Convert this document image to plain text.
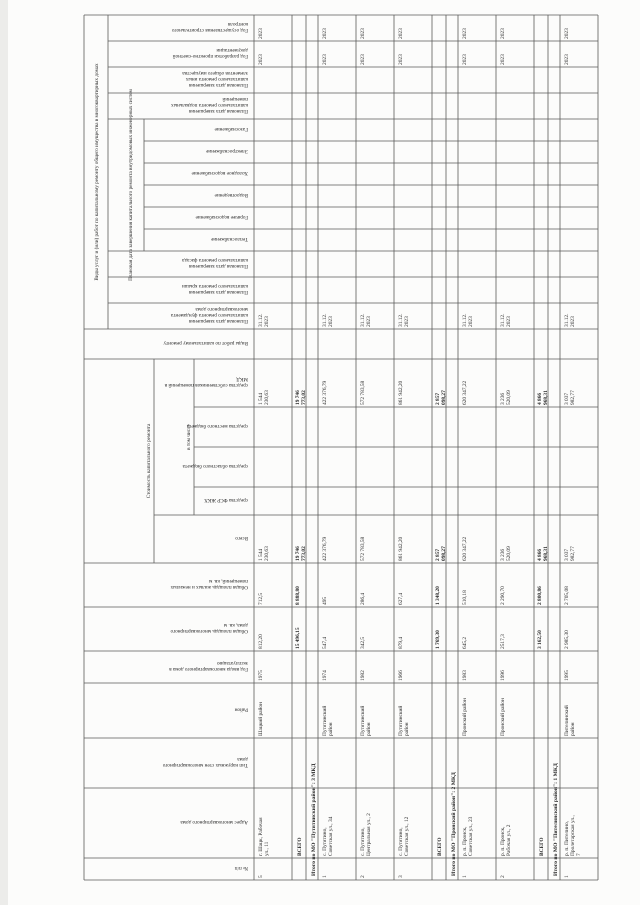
№ п/п
Адрес многоквартирного дома
Тип наружных стен многоквартирного
дома
Район
Год ввода многоквартирного дома в
эксплуатацию
Общая площадь многоквартирного
дома, кв. м
Общая площадь жилых и нежилых
помещений, кв. м
Всего
средства ФСР ЖКХ
средства областного бюджета
средства местного бюджета
средства собственников помещений в
МКД
Виды работ по капитальному ремонту
Плановая дата завершения
капитального ремонта фундамента
многоквартирного дома
Плановая дата завершения
капитального ремонта крыши
Плановая дата завершения
капитального ремонта фасада
Теплоснабжение
Горячее водоснабжение
Водоотведение
Холодное водоснабжение
Электроснабжение
Газоснабжение
Плановая дата завершения
капитального ремонта подвальных
помещений
Плановая дата завершения
капитального ремонта иных
элементов общего имущества
Год разработки проектно-сметной
документации
Год осуществления строительного
контроля
Стоимость капитального ремонта	в том числе
Виды услуг и (или) работ по капитальному ремонту общего имущества в многоквартирных домах	Плановая дата завершения капитального ремонта внутридомовых инженерных систем
5
г. Шацк, Рабочая ул., 11
Шацкий район
1975
812,20
712,5
1 544 230,63
1 544 230,63
31.12. 2023
2023
2023
ВСЕГО
15 496,15
8 888,80
19 746 773,02
19 746 773,02
Итого по МО "Путятинский район": 3 МКД
1
с. Путятино, Советская ул., 34
Путятинский район
1974
547,4
495
422 376,79
422 376,79
31.12. 2023
2023
2023
2
с. Путятино, Центральная ул., 2
Путятинский район
1982
342,5
286,4
572 783,58
572 783,58
31.12. 2023
2023
2023
3
с. Путятино, Советская ул., 12
Путятинский район
1966
879,4
627,4
861 942,20
861 942,20
31.12. 2023
2023
2023
ВСЕГО
1 769,30
1 348,20
2 857 098,27
2 857 098,27
Итого по МО "Пронский район": 2 МКД
1
р. п. Пронск, Советская ул., 23
Пронский район
1983
645,2
510,18
620 347,22
620 347,22
31.12. 2023
2023
2023
2
р. п. Пронск, Рабочая ул., 2
Пронский район
1996
2517,3
2 290,70
3 236 520,09
3 236 520,09
31.12. 2023
2023
2023
ВСЕГО
3 162,50
2 800,86
4 866 968,31
4 866 968,31
Итого по МО "Пителинский район": 1 МКД
1
р. п. Пителино, Пролетарская ул., 7
Пителинский район
1995
2 985,30
2 705,08
3 037 982,77
3 037 982,77
31.12. 2023
2023
2023
